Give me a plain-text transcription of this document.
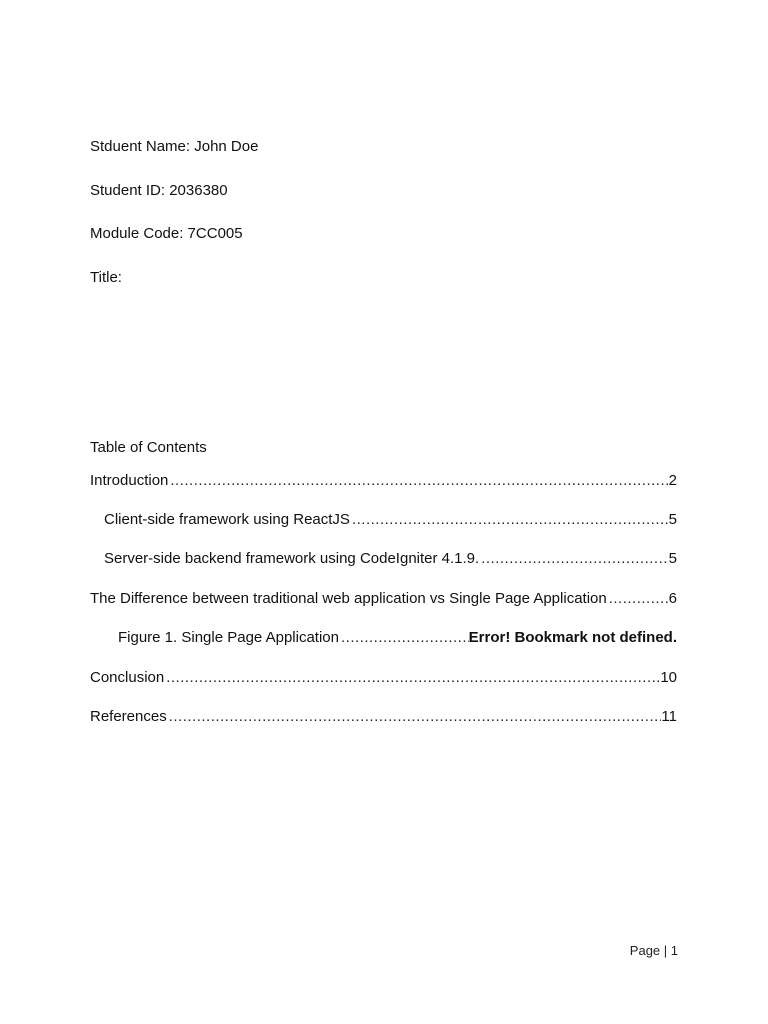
Stduent Name: John Doe
Student ID: 2036380
Module Code: 7CC005
Title:
Table of Contents
Introduction .....	2
Client-side framework using ReactJS .....	5
Server-side backend framework using CodeIgniter 4.1.9. .....	5
The Difference between traditional web application vs Single Page Application .....	6
Figure 1. Single Page Application .....	Error! Bookmark not defined.
Conclusion .....	10
References .....	11
Page | 1
